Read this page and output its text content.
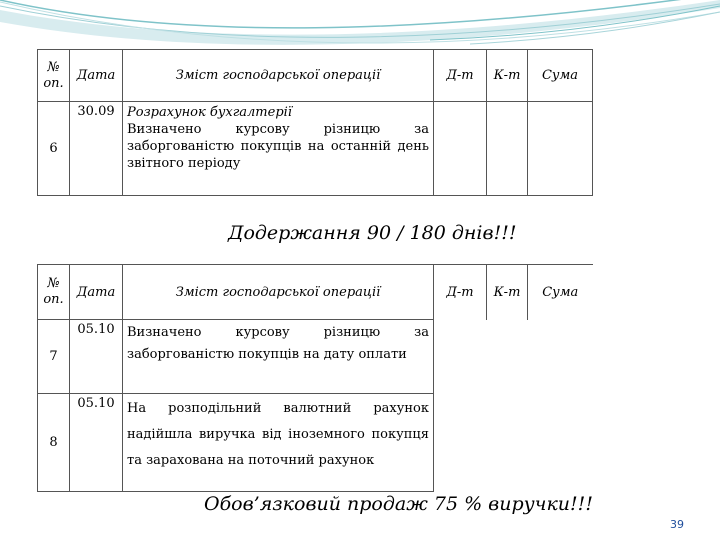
№ оп.	Дата	Зміст господарської операції	Д-т	К-т	Сума
6	30.09	Розрахунок бухгалтерії
Визначено курсову різницю за заборгованістю покупців на останній день звітного періоду			

Додержання 90 / 180 днів!!!
№ оп.	Дата	Зміст господарської операції	Д-т	К-т	Сума
7	05.10	Визначено курсову різницю за заборгованістю покупців на дату оплати			
8	05.10	На розподільний валютний рахунок надійшла виручка від іноземного покупця та зарахована на поточний рахунок			
Обов’язковий продаж 75 % виручки!!!
39
